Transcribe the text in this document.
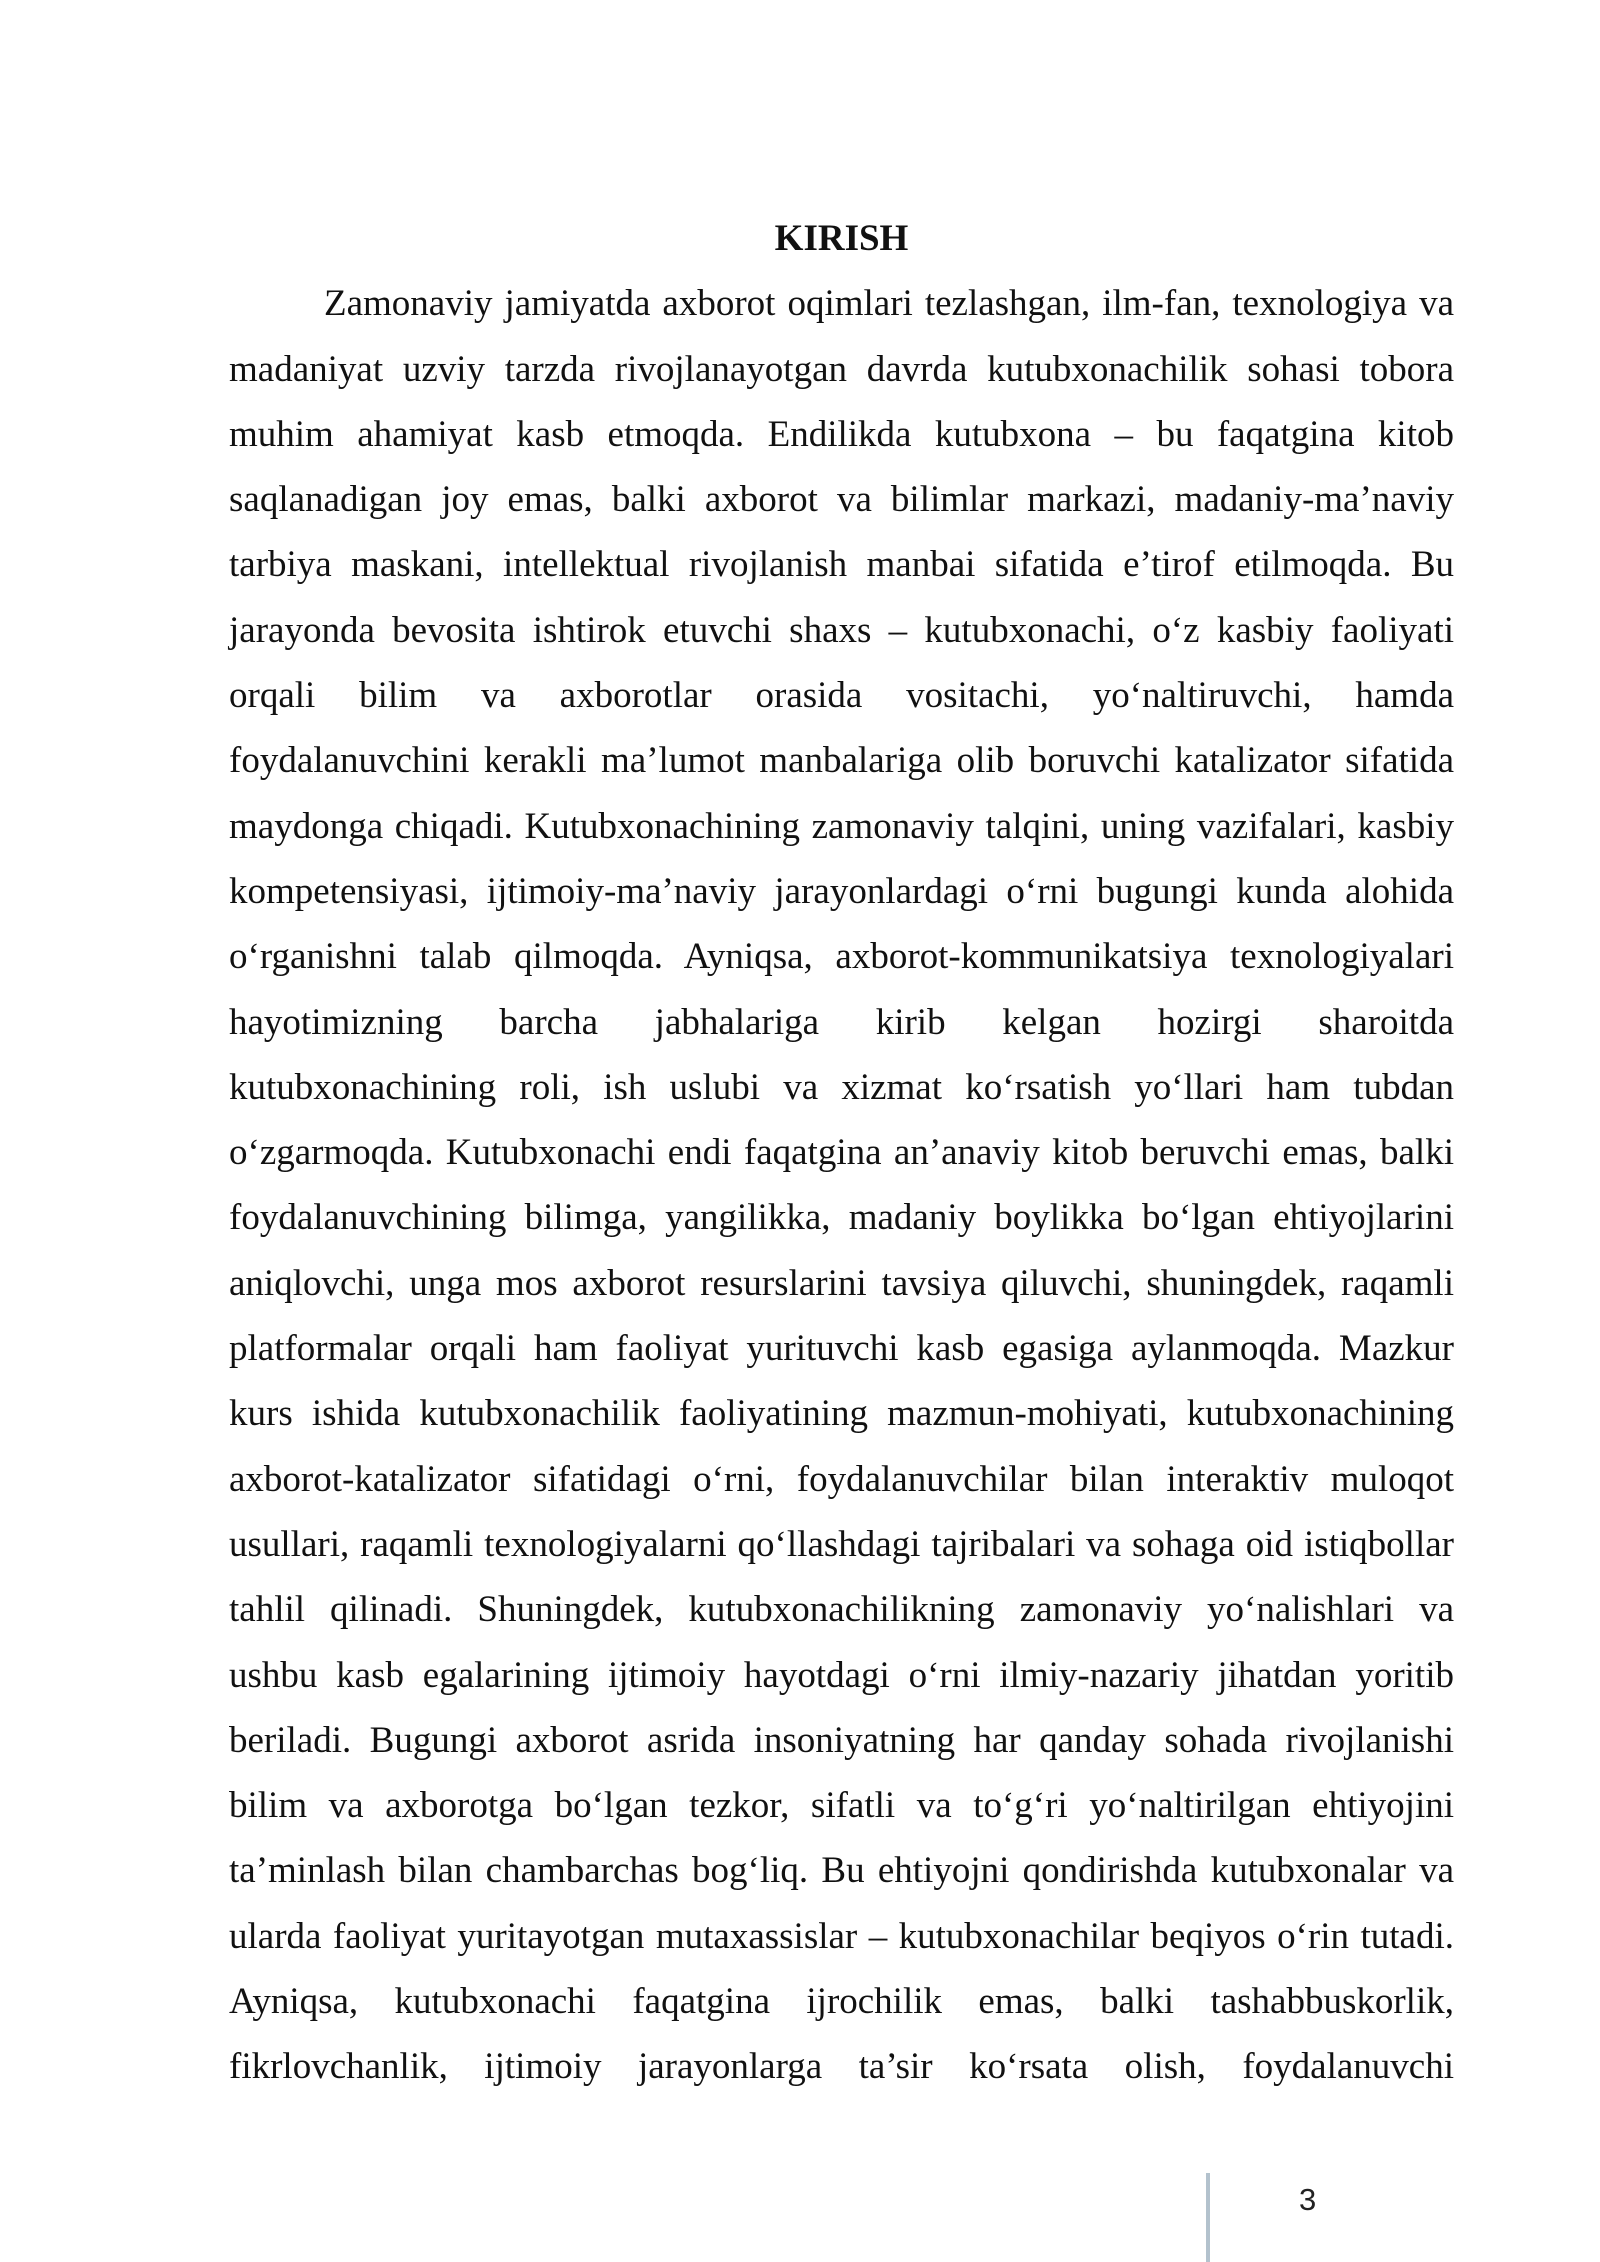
KIRISH
Zamonaviy jamiyatda axborot oqimlari tezlashgan, ilm-fan, texnologiya va
madaniyat uzviy tarzda rivojlanayotgan davrda kutubxonachilik sohasi tobora
muhim ahamiyat kasb etmoqda. Endilikda kutubxona – bu faqatgina kitob
saqlanadigan joy emas, balki axborot va bilimlar markazi, madaniy-ma’naviy
tarbiya maskani, intellektual rivojlanish manbai sifatida e’tirof etilmoqda. Bu
jarayonda bevosita ishtirok etuvchi shaxs – kutubxonachi, o‘z kasbiy faoliyati
orqali bilim va axborotlar orasida vositachi, yo‘naltiruvchi, hamda
foydalanuvchini kerakli ma’lumot manbalariga olib boruvchi katalizator sifatida
maydonga chiqadi. Kutubxonachining zamonaviy talqini, uning vazifalari, kasbiy
kompetensiyasi, ijtimoiy-ma’naviy jarayonlardagi o‘rni bugungi kunda alohida
o‘rganishni talab qilmoqda. Ayniqsa, axborot-kommunikatsiya texnologiyalari
hayotimizning barcha jabhalariga kirib kelgan hozirgi sharoitda
kutubxonachining roli, ish uslubi va xizmat ko‘rsatish yo‘llari ham tubdan
o‘zgarmoqda. Kutubxonachi endi faqatgina an’anaviy kitob beruvchi emas, balki
foydalanuvchining bilimga, yangilikka, madaniy boylikka bo‘lgan ehtiyojlarini
aniqlovchi, unga mos axborot resurslarini tavsiya qiluvchi, shuningdek, raqamli
platformalar orqali ham faoliyat yurituvchi kasb egasiga aylanmoqda. Mazkur
kurs ishida kutubxonachilik faoliyatining mazmun-mohiyati, kutubxonachining
axborot-katalizator sifatidagi o‘rni, foydalanuvchilar bilan interaktiv muloqot
usullari, raqamli texnologiyalarni qo‘llashdagi tajribalari va sohaga oid istiqbollar
tahlil qilinadi. Shuningdek, kutubxonachilikning zamonaviy yo‘nalishlari va
ushbu kasb egalarining ijtimoiy hayotdagi o‘rni ilmiy-nazariy jihatdan yoritib
beriladi. Bugungi axborot asrida insoniyatning har qanday sohada rivojlanishi
bilim va axborotga bo‘lgan tezkor, sifatli va to‘g‘ri yo‘naltirilgan ehtiyojini
ta’minlash bilan chambarchas bog‘liq. Bu ehtiyojni qondirishda kutubxonalar va
ularda faoliyat yuritayotgan mutaxassislar – kutubxonachilar beqiyos o‘rin tutadi.
Ayniqsa, kutubxonachi faqatgina ijrochilik emas, balki tashabbuskorlik,
fikrlovchanlik, ijtimoiy jarayonlarga ta’sir ko‘rsata olish, foydalanuvchi
3
